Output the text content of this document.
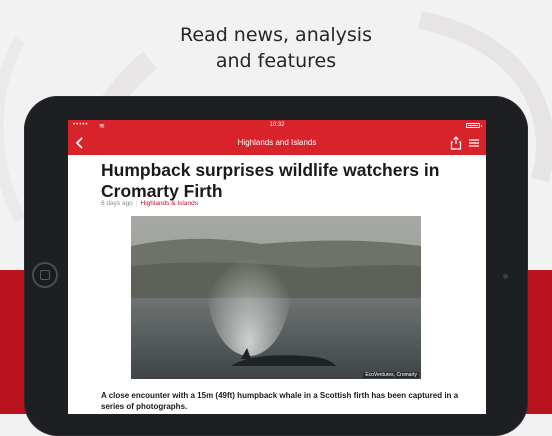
Read news, analysis
and features
••••• ≋	10:32
Highlands and Islands
Humpback surprises wildlife watchers in Cromarty Firth
6 days ago | Highlands & Islands
EcoVentures, Cromarty
A close encounter with a 15m (49ft) humpback whale in a Scottish firth has been captured in a series of photographs.
